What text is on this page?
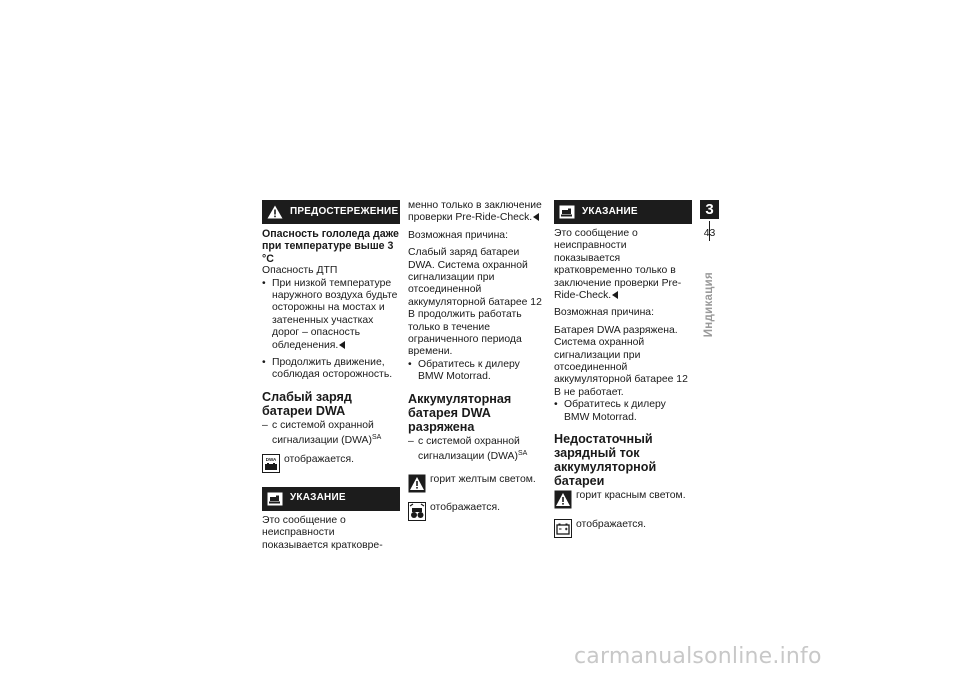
ПРЕДОСТЕРЕЖЕНИЕ

Опасность гололеда даже при температуре выше 3 °C

Опасность ДТП

• При низкой температуре наружного воздуха будьте осторожны на мостах и затененных участках дорог – опасность обледенения.
• Продолжить движение, соблюдая осторожность.

Слабый заряд батареи DWA

– с системой охранной сигнализации (DWA)$^{SA}$
DWA отображается.
УКАЗАНИЕ

Это сообщение о неисправности показывается кратковре-

менно только в заключение проверки Pre-Ride-Check.

Возможная причина:

Слабый заряд батареи DWA. Система охранной сигнализации при отсоединенной аккумуляторной батарее 12 В продолжить работать только в течение ограниченного периода времени.

• Обратитесь к дилеру

BMW Motorrad.

Аккумуляторная батарея DWA разряжена

– с системой охранной сигнализации (DWA)$^{SA}$
горит желтым светом.
отображается.
УКАЗАНИЕ

Это сообщение о неисправности показывается кратковременно только в заключение проверки Pre-Ride-Check.

Возможная причина:

Батарея DWA разряжена. Система охранной сигнализации при отсоединенной аккумуляторной батарее 12 В не работает.

• Обратитесь к дилеру

BMW Motorrad.

Недостаточный зарядный ток аккумуляторной батареи

горит красным светом.
отображается.
3
43
Индикация
carmanualsonline.info
